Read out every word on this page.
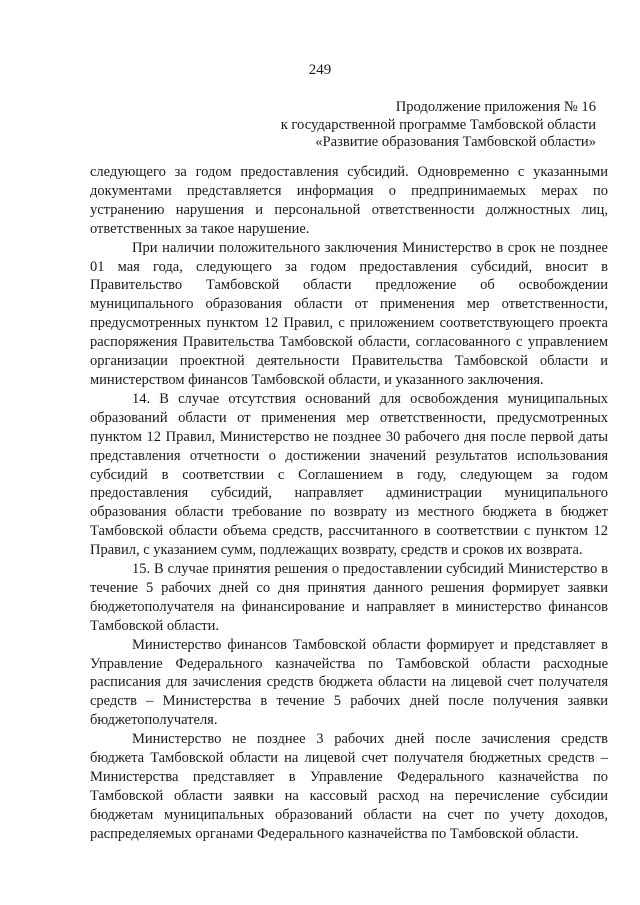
249
Продолжение приложения № 16
к государственной программе Тамбовской области
«Развитие образования Тамбовской области»

следующего за годом предоставления субсидий. Одновременно с указанными документами представляется информация о предпринимаемых мерах по устранению нарушения и персональной ответственности должностных лиц, ответственных за такое нарушение.

При наличии положительного заключения Министерство в срок не позднее 01 мая года, следующего за годом предоставления субсидий, вносит в Правительство Тамбовской области предложение об освобождении муниципального образования области от применения мер ответственности, предусмотренных пунктом 12 Правил, с приложением соответствующего проекта распоряжения Правительства Тамбовской области, согласованного с управлением организации проектной деятельности Правительства Тамбовской области и министерством финансов Тамбовской области, и указанного заключения.

14. В случае отсутствия оснований для освобождения муниципальных образований области от применения мер ответственности, предусмотренных пунктом 12 Правил, Министерство не позднее 30 рабочего дня после первой даты представления отчетности о достижении значений результатов использования субсидий в соответствии с Соглашением в году, следующем за годом предоставления субсидий, направляет администрации муниципального образования области требование по возврату из местного бюджета в бюджет Тамбовской области объема средств, рассчитанного в соответствии с пунктом 12 Правил, с указанием сумм, подлежащих возврату, средств и сроков их возврата.

15. В случае принятия решения о предоставлении субсидий Министерство в течение 5 рабочих дней со дня принятия данного решения формирует заявки бюджетополучателя на финансирование и направляет в министерство финансов Тамбовской области.

Министерство финансов Тамбовской области формирует и представляет в Управление Федерального казначейства по Тамбовской области расходные расписания для зачисления средств бюджета области на лицевой счет получателя средств – Министерства в течение 5 рабочих дней после получения заявки бюджетополучателя.

Министерство не позднее 3 рабочих дней после зачисления средств бюджета Тамбовской области на лицевой счет получателя бюджетных средств – Министерства представляет в Управление Федерального казначейства по Тамбовской области заявки на кассовый расход на перечисление субсидии бюджетам муниципальных образований области на счет по учету доходов, распределяемых органами Федерального казначейства по Тамбовской области.
